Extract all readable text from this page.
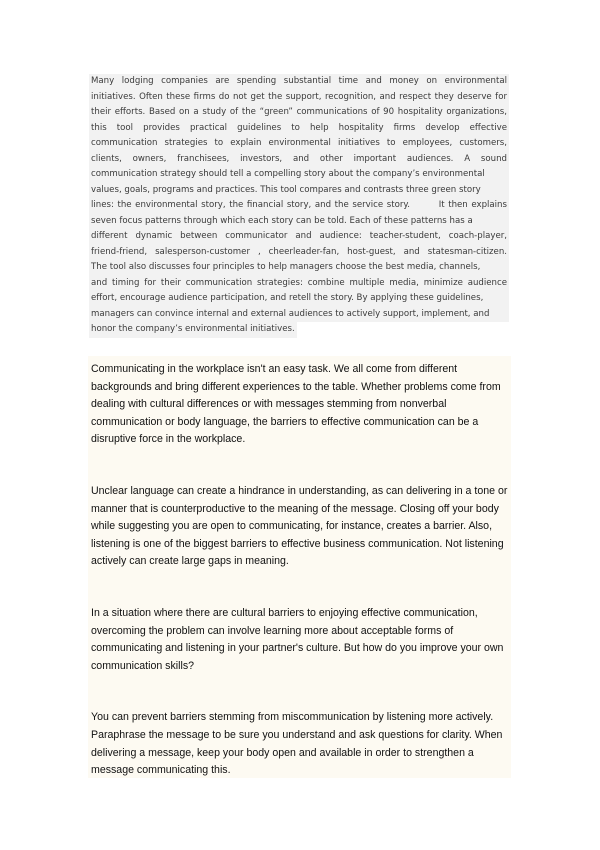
Many lodging companies are spending substantial time and money on environmental
initiatives. Often these firms do not get the support, recognition, and respect they deserve for
their efforts. Based on a study of the “green” communications of 90 hospitality organizations,
this tool provides practical guidelines to help hospitality firms develop effective
communication strategies to explain environmental initiatives to employees, customers,
clients, owners, franchisees, investors, and other important audiences. A sound
communication strategy should tell a compelling story about the company’s environmental
values, goals, programs and practices. This tool compares and contrasts three green story
lines: the environmental story, the financial story, and the service story.        It then explains
seven focus patterns through which each story can be told. Each of these patterns has a
different dynamic between communicator and audience: teacher-student, coach-player,
friend-friend, salesperson-customer , cheerleader-fan, host-guest, and statesman-citizen.
The tool also discusses four principles to help managers choose the best media, channels,
and timing for their communication strategies: combine multiple media, minimize audience
effort, encourage audience participation, and retell the story. By applying these guidelines,
managers can convince internal and external audiences to actively support, implement, and
honor the company’s environmental initiatives.
Communicating in the workplace isn't an easy task. We all come from different
backgrounds and bring different experiences to the table. Whether problems come from
dealing with cultural differences or with messages stemming from nonverbal
communication or body language, the barriers to effective communication can be a
disruptive force in the workplace.
Unclear language can create a hindrance in understanding, as can delivering in a tone or
manner that is counterproductive to the meaning of the message. Closing off your body
while suggesting you are open to communicating, for instance, creates a barrier. Also,
listening is one of the biggest barriers to effective business communication. Not listening
actively can create large gaps in meaning.
In a situation where there are cultural barriers to enjoying effective communication,
overcoming the problem can involve learning more about acceptable forms of
communicating and listening in your partner's culture. But how do you improve your own
communication skills?
You can prevent barriers stemming from miscommunication by listening more actively.
Paraphrase the message to be sure you understand and ask questions for clarity. When
delivering a message, keep your body open and available in order to strengthen a
message communicating this.
